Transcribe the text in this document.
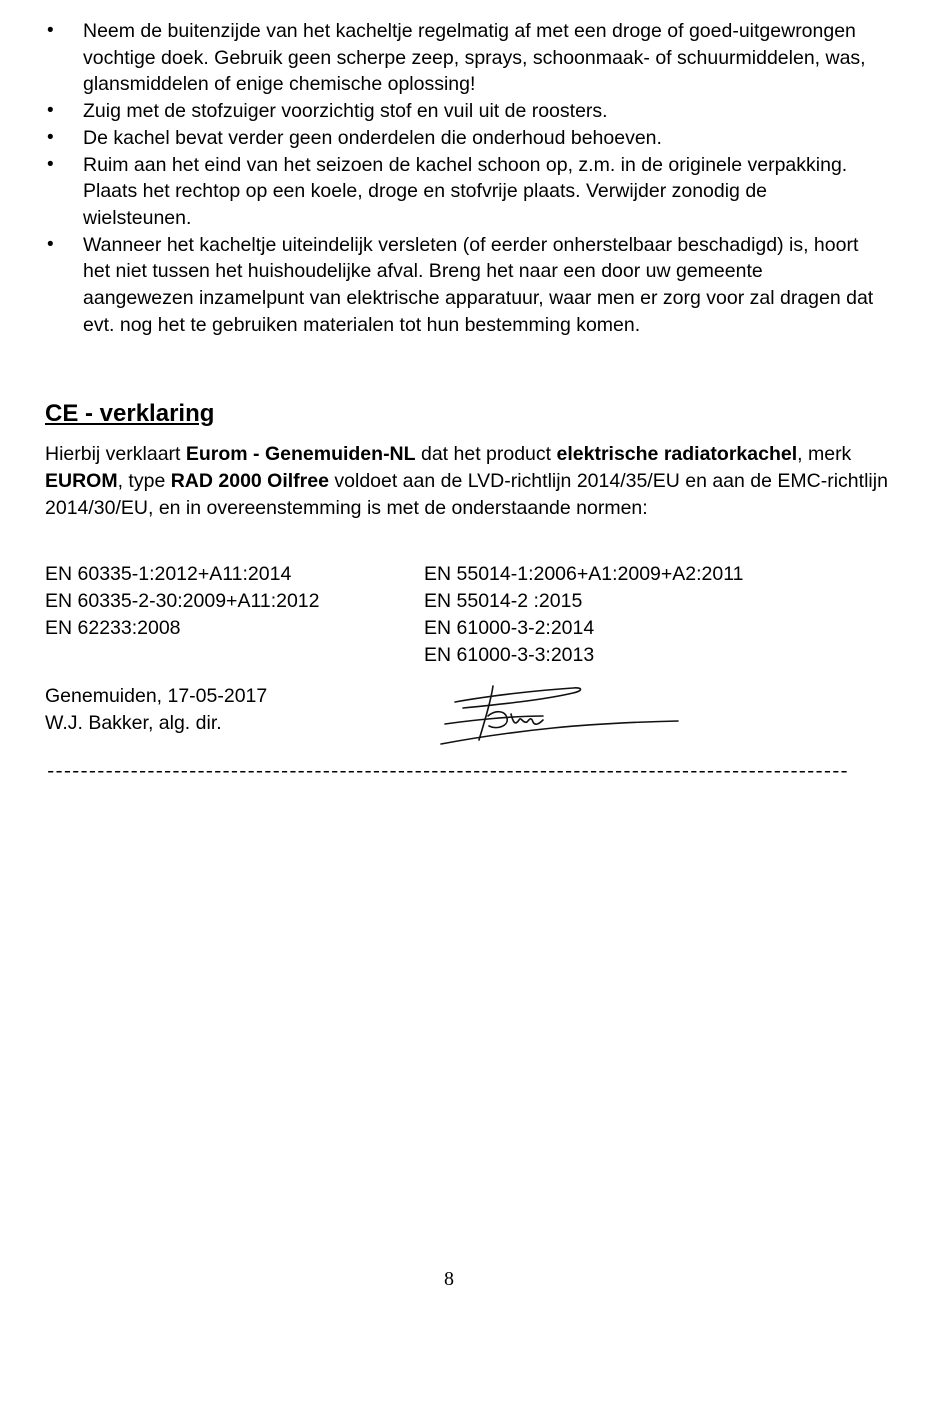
• Neem de buitenzijde van het kacheltje regelmatig af met een droge of goed-uitgewrongen vochtige doek. Gebruik geen scherpe zeep, sprays, schoonmaak- of schuurmiddelen, was, glansmiddelen of enige chemische oplossing!
• Zuig met de stofzuiger voorzichtig stof en vuil uit de roosters.
• De kachel bevat verder geen onderdelen die onderhoud behoeven.
• Ruim aan het eind van het seizoen de kachel schoon op, z.m. in de originele verpakking. Plaats het rechtop op een koele, droge en stofvrije plaats. Verwijder zonodig de wielsteunen.
• Wanneer het kacheltje uiteindelijk versleten (of eerder onherstelbaar beschadigd) is, hoort het niet tussen het huishoudelijke afval. Breng het naar een door uw gemeente aangewezen inzamelpunt van elektrische apparatuur, waar men er zorg voor zal dragen dat evt. nog het te gebruiken materialen tot hun bestemming komen.
CE - verklaring

Hierbij verklaart Eurom - Genemuiden-NL dat het product elektrische radiatorkachel, merk EUROM, type RAD 2000 Oilfree voldoet aan de LVD-richtlijn 2014/35/EU en aan de EMC-richtlijn 2014/30/EU, en in overeenstemming is met de onderstaande normen:

EN 60335-1:2012+A11:2014
EN 60335-2-30:2009+A11:2012
EN 62233:2008
EN 55014-1:2006+A1:2009+A2:2011
EN 55014-2 :2015
EN 61000-3-2:2014
EN 61000-3-3:2013
Genemuiden, 17-05-2017
W.J. Bakker, alg. dir.
------------------------------------------------------------------------------------------------
8
